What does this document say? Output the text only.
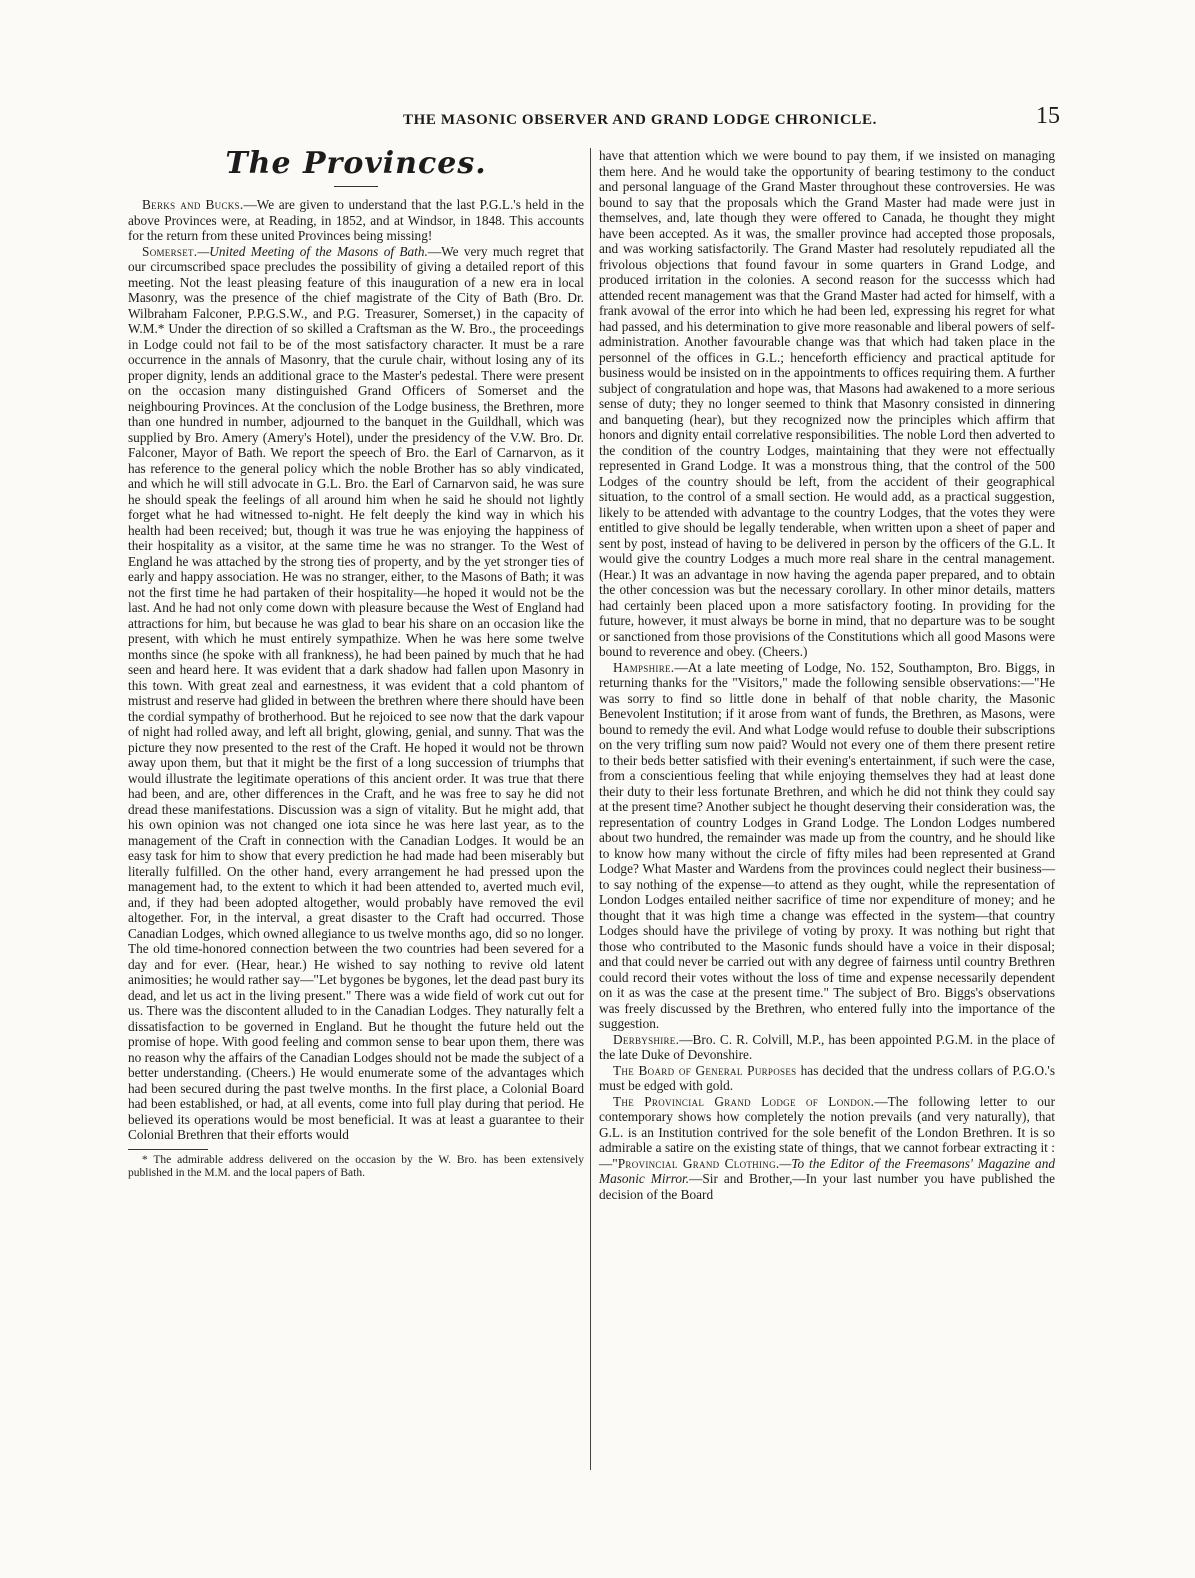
THE MASONIC OBSERVER AND GRAND LODGE CHRONICLE.	15
The Provinces.

Berks and Bucks.—We are given to understand that the last P.G.L.'s held in the above Provinces were, at Reading, in 1852, and at Windsor, in 1848. This accounts for the return from these united Provinces being missing!

Somerset.—United Meeting of the Masons of Bath.—We very much regret that our circumscribed space precludes the possibility of giving a detailed report of this meeting. Not the least pleasing feature of this inauguration of a new era in local Masonry, was the presence of the chief magistrate of the City of Bath (Bro. Dr. Wilbraham Falconer, P.P.G.S.W., and P.G. Treasurer, Somerset,) in the capacity of W.M.* Under the direction of so skilled a Craftsman as the W. Bro., the proceedings in Lodge could not fail to be of the most satisfactory character. It must be a rare occurrence in the annals of Masonry, that the curule chair, without losing any of its proper dignity, lends an additional grace to the Master's pedestal. There were present on the occasion many distinguished Grand Officers of Somerset and the neighbouring Provinces. At the conclusion of the Lodge business, the Brethren, more than one hundred in number, adjourned to the banquet in the Guildhall, which was supplied by Bro. Amery (Amery's Hotel), under the presidency of the V.W. Bro. Dr. Falconer, Mayor of Bath. We report the speech of Bro. the Earl of Carnarvon, as it has reference to the general policy which the noble Brother has so ably vindicated, and which he will still advocate in G.L. Bro. the Earl of Carnarvon said, he was sure he should speak the feelings of all around him when he said he should not lightly forget what he had witnessed to-night. He felt deeply the kind way in which his health had been received; but, though it was true he was enjoying the happiness of their hospitality as a visitor, at the same time he was no stranger. To the West of England he was attached by the strong ties of property, and by the yet stronger ties of early and happy association. He was no stranger, either, to the Masons of Bath; it was not the first time he had partaken of their hospitality—he hoped it would not be the last. And he had not only come down with pleasure because the West of England had attractions for him, but because he was glad to bear his share on an occasion like the present, with which he must entirely sympathize. When he was here some twelve months since (he spoke with all frankness), he had been pained by much that he had seen and heard here. It was evident that a dark shadow had fallen upon Masonry in this town. With great zeal and earnestness, it was evident that a cold phantom of mistrust and reserve had glided in between the brethren where there should have been the cordial sympathy of brotherhood. But he rejoiced to see now that the dark vapour of night had rolled away, and left all bright, glowing, genial, and sunny. That was the picture they now presented to the rest of the Craft. He hoped it would not be thrown away upon them, but that it might be the first of a long succession of triumphs that would illustrate the legitimate operations of this ancient order. It was true that there had been, and are, other differences in the Craft, and he was free to say he did not dread these manifestations. Discussion was a sign of vitality. But he might add, that his own opinion was not changed one iota since he was here last year, as to the management of the Craft in connection with the Canadian Lodges. It would be an easy task for him to show that every prediction he had made had been miserably but literally fulfilled. On the other hand, every arrangement he had pressed upon the management had, to the extent to which it had been attended to, averted much evil, and, if they had been adopted altogether, would probably have removed the evil altogether. For, in the interval, a great disaster to the Craft had occurred. Those Canadian Lodges, which owned allegiance to us twelve months ago, did so no longer. The old time-honored connection between the two countries had been severed for a day and for ever. (Hear, hear.) He wished to say nothing to revive old latent animosities; he would rather say—"Let bygones be bygones, let the dead past bury its dead, and let us act in the living present." There was a wide field of work cut out for us. There was the discontent alluded to in the Canadian Lodges. They naturally felt a dissatisfaction to be governed in England. But he thought the future held out the promise of hope. With good feeling and common sense to bear upon them, there was no reason why the affairs of the Canadian Lodges should not be made the subject of a better understanding. (Cheers.) He would enumerate some of the advantages which had been secured during the past twelve months. In the first place, a Colonial Board had been established, or had, at all events, come into full play during that period. He believed its operations would be most beneficial. It was at least a guarantee to their Colonial Brethren that their efforts would

* The admirable address delivered on the occasion by the W. Bro. has been extensively published in the M.M. and the local papers of Bath.

have that attention which we were bound to pay them, if we insisted on managing them here. And he would take the opportunity of bearing testimony to the conduct and personal language of the Grand Master throughout these controversies. He was bound to say that the proposals which the Grand Master had made were just in themselves, and, late though they were offered to Canada, he thought they might have been accepted. As it was, the smaller province had accepted those proposals, and was working satisfactorily. The Grand Master had resolutely repudiated all the frivolous objections that found favour in some quarters in Grand Lodge, and produced irritation in the colonies. A second reason for the successs which had attended recent management was that the Grand Master had acted for himself, with a frank avowal of the error into which he had been led, expressing his regret for what had passed, and his determination to give more reasonable and liberal powers of self-administration. Another favourable change was that which had taken place in the personnel of the offices in G.L.; henceforth efficiency and practical aptitude for business would be insisted on in the appointments to offices requiring them. A further subject of congratulation and hope was, that Masons had awakened to a more serious sense of duty; they no longer seemed to think that Masonry consisted in dinnering and banqueting (hear), but they recognized now the principles which affirm that honors and dignity entail correlative responsibilities. The noble Lord then adverted to the condition of the country Lodges, maintaining that they were not effectually represented in Grand Lodge. It was a monstrous thing, that the control of the 500 Lodges of the country should be left, from the accident of their geographical situation, to the control of a small section. He would add, as a practical suggestion, likely to be attended with advantage to the country Lodges, that the votes they were entitled to give should be legally tenderable, when written upon a sheet of paper and sent by post, instead of having to be delivered in person by the officers of the G.L. It would give the country Lodges a much more real share in the central management. (Hear.) It was an advantage in now having the agenda paper prepared, and to obtain the other concession was but the necessary corollary. In other minor details, matters had certainly been placed upon a more satisfactory footing. In providing for the future, however, it must always be borne in mind, that no departure was to be sought or sanctioned from those provisions of the Constitutions which all good Masons were bound to reverence and obey. (Cheers.)

Hampshire.—At a late meeting of Lodge, No. 152, Southampton, Bro. Biggs, in returning thanks for the "Visitors," made the following sensible observations:—"He was sorry to find so little done in behalf of that noble charity, the Masonic Benevolent Institution; if it arose from want of funds, the Brethren, as Masons, were bound to remedy the evil. And what Lodge would refuse to double their subscriptions on the very trifling sum now paid? Would not every one of them there present retire to their beds better satisfied with their evening's entertainment, if such were the case, from a conscientious feeling that while enjoying themselves they had at least done their duty to their less fortunate Brethren, and which he did not think they could say at the present time? Another subject he thought deserving their consideration was, the representation of country Lodges in Grand Lodge. The London Lodges numbered about two hundred, the remainder was made up from the country, and he should like to know how many without the circle of fifty miles had been represented at Grand Lodge? What Master and Wardens from the provinces could neglect their business—to say nothing of the expense—to attend as they ought, while the representation of London Lodges entailed neither sacrifice of time nor expenditure of money; and he thought that it was high time a change was effected in the system—that country Lodges should have the privilege of voting by proxy. It was nothing but right that those who contributed to the Masonic funds should have a voice in their disposal; and that could never be carried out with any degree of fairness until country Brethren could record their votes without the loss of time and expense necessarily dependent on it as was the case at the present time." The subject of Bro. Biggs's observations was freely discussed by the Brethren, who entered fully into the importance of the suggestion.

Derbyshire.—Bro. C. R. Colvill, M.P., has been appointed P.G.M. in the place of the late Duke of Devonshire.

The Board of General Purposes has decided that the undress collars of P.G.O.'s must be edged with gold.

The Provincial Grand Lodge of London.—The following letter to our contemporary shows how completely the notion prevails (and very naturally), that G.L. is an Institution contrived for the sole benefit of the London Brethren. It is so admirable a satire on the existing state of things, that we cannot forbear extracting it :—"Provincial Grand Clothing.—To the Editor of the Freemasons' Magazine and Masonic Mirror.—Sir and Brother,—In your last number you have published the decision of the Board
